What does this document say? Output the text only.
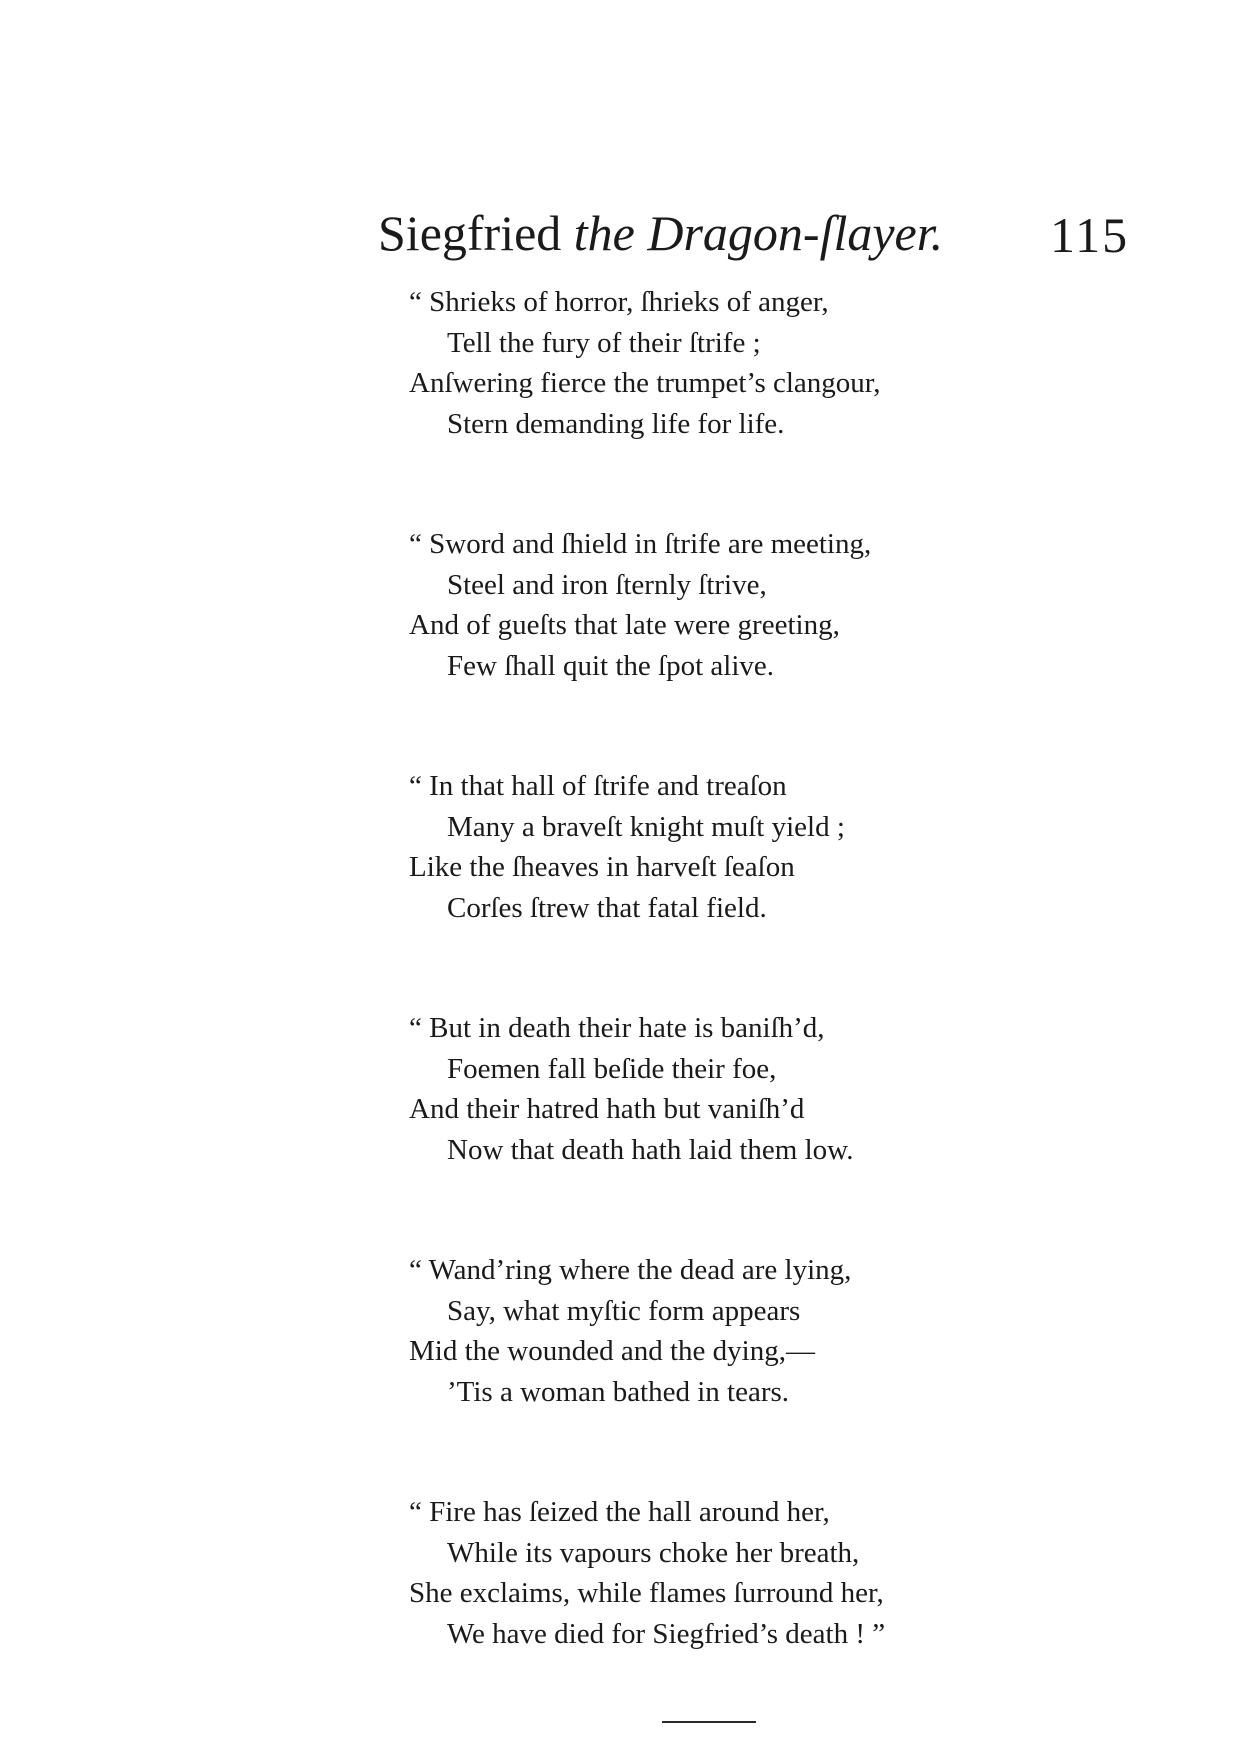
Siegfried the Dragon-ſlayer.	115
“ Shrieks of horror, ſhrieks of anger,
Tell the fury of their ſtrife ;
Anſwering fierce the trumpet’s clangour,
Stern demanding life for life.
“ Sword and ſhield in ſtrife are meeting,
Steel and iron ſternly ſtrive,
And of gueſts that late were greeting,
Few ſhall quit the ſpot alive.
“ In that hall of ſtrife and treaſon
Many a braveſt knight muſt yield ;
Like the ſheaves in harveſt ſeaſon
Corſes ſtrew that fatal field.
“ But in death their hate is baniſh’d,
Foemen fall beſide their foe,
And their hatred hath but vaniſh’d
Now that death hath laid them low.
“ Wand’ring where the dead are lying,
Say, what myſtic form appears
Mid the wounded and the dying,—
’Tis a woman bathed in tears.
“ Fire has ſeized the hall around her,
While its vapours choke her breath,
She exclaims, while flames ſurround her,
We have died for Siegfried’s death ! ”
